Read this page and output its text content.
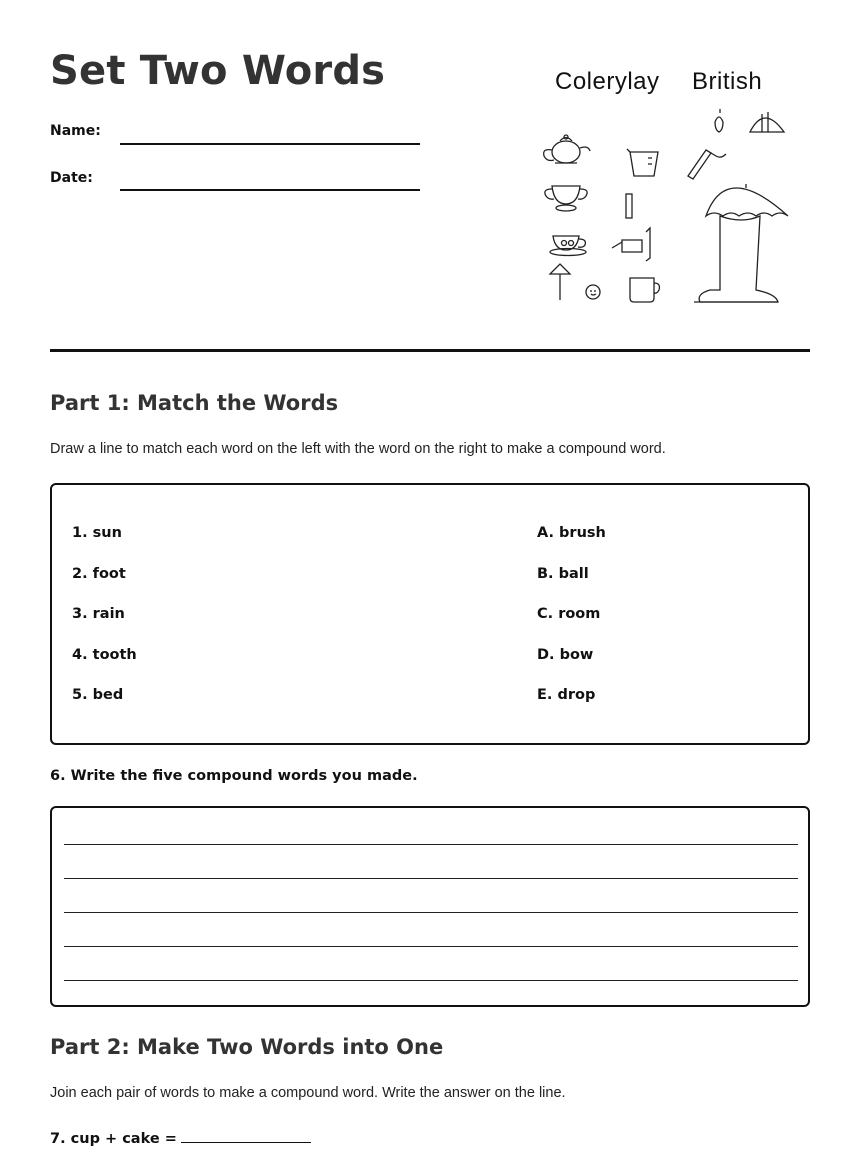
Set Two Words
Name:
Date:
Colerylay British
Part 1: Match the Words
Draw a line to match each word on the left with the word on the right to make a compound word.
1. sun
2. foot
3. rain
4. tooth
5. bed
A. brush
B. ball
C. room
D. bow
E. drop
6. Write the five compound words you made.
Part 2: Make Two Words into One
Join each pair of words to make a compound word. Write the answer on the line.
7. cup + cake =
